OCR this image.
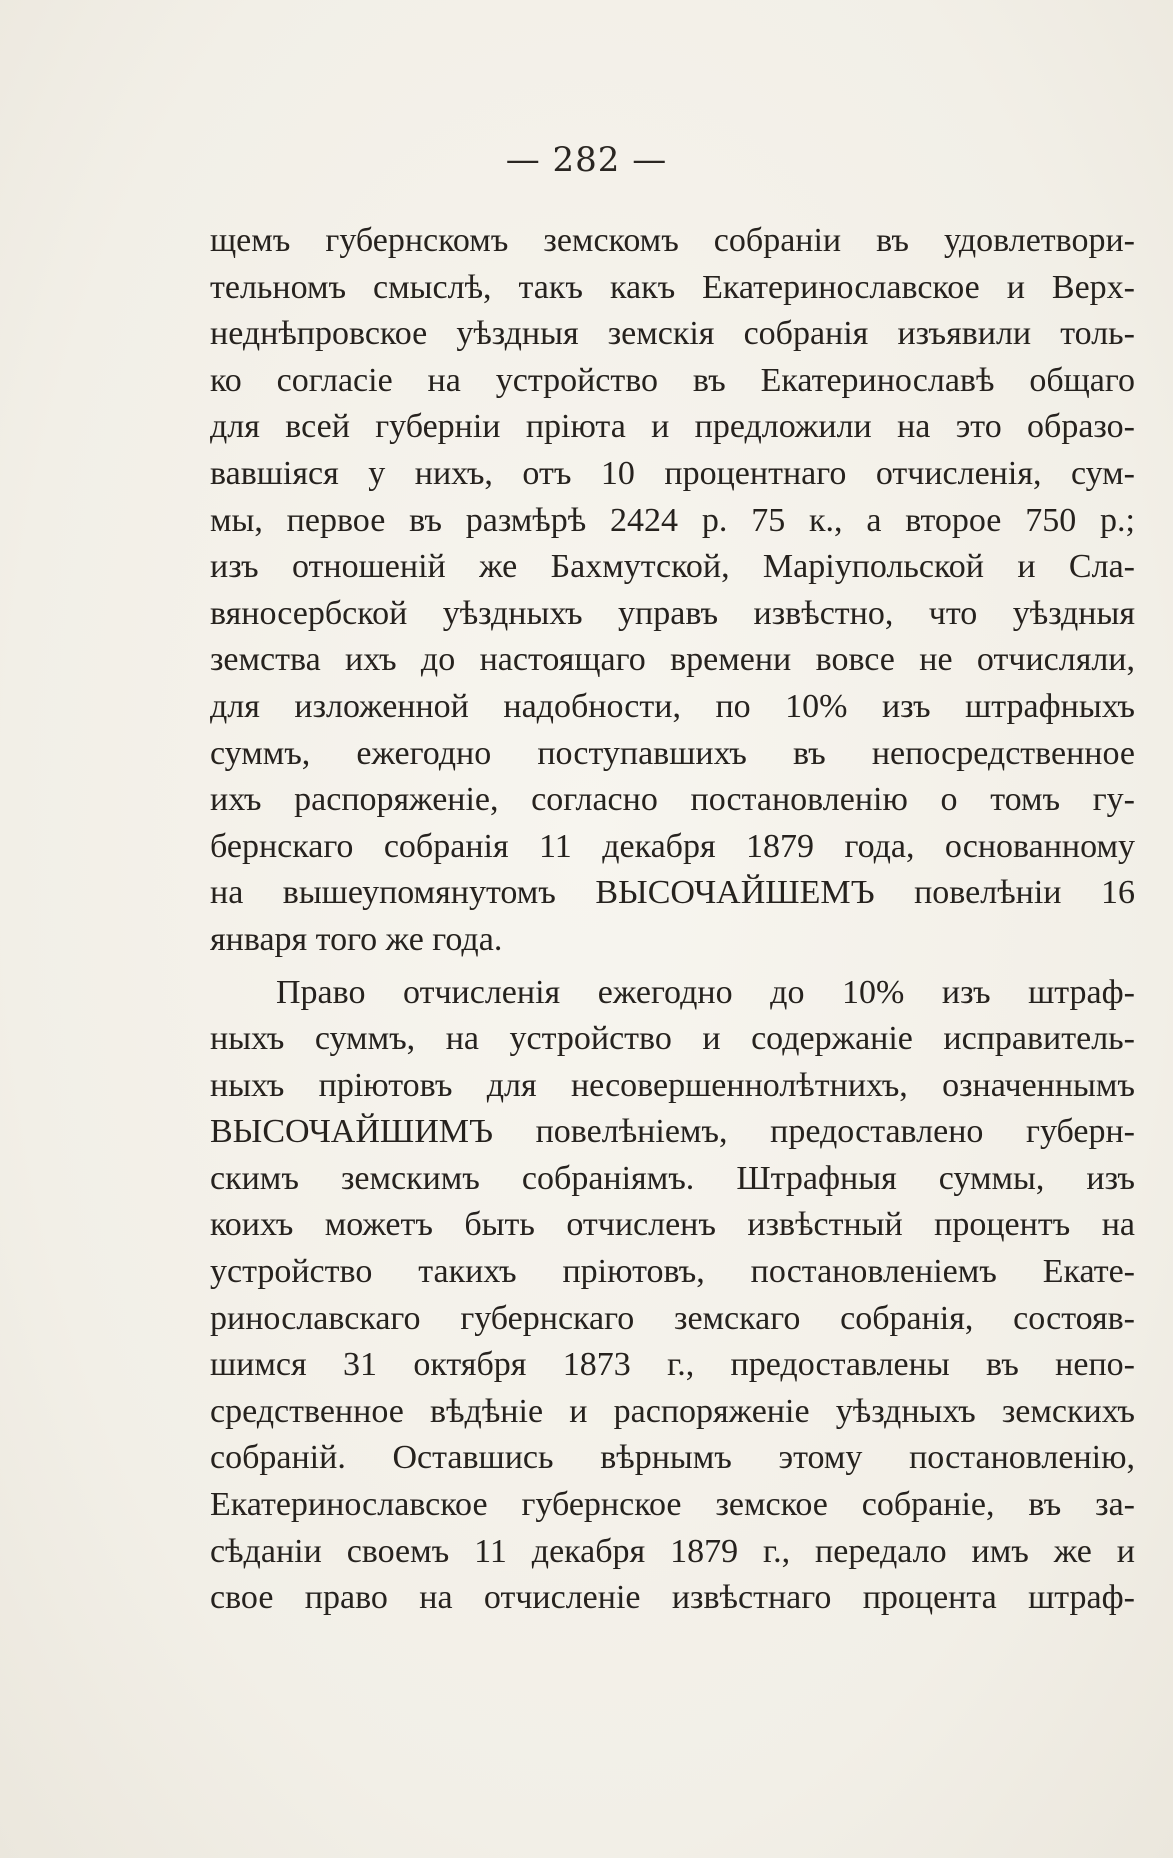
— 282 —
щемъ губернскомъ земскомъ собраніи въ удовлетвори-
тельномъ смыслѣ, такъ какъ Екатеринославское и Верх-
неднѣпровское уѣздныя земскія собранія изъявили толь-
ко согласіе на устройство въ Екатеринославѣ общаго
для всей губерніи пріюта и предложили на это образо-
вавшіяся у нихъ, отъ 10 процентнаго отчисленія, сум-
мы, первое въ размѣрѣ 2424 р. 75 к., а второе 750 р.;
изъ отношеній же Бахмутской, Маріупольской и Сла-
вяносербской уѣздныхъ управъ извѣстно, что уѣздныя
земства ихъ до настоящаго времени вовсе не отчисляли,
для изложенной надобности, по 10% изъ штрафныхъ
суммъ, ежегодно поступавшихъ въ непосредственное
ихъ распоряженіе, согласно постановленію о томъ гу-
бернскаго собранія 11 декабря 1879 года, основанному
на вышеупомянутомъ ВЫСОЧАЙШЕМЪ повелѣніи 16
января того же года.
Право отчисленія ежегодно до 10% изъ штраф-
ныхъ суммъ, на устройство и содержаніе исправитель-
ныхъ пріютовъ для несовершеннолѣтнихъ, означеннымъ
ВЫСОЧАЙШИМЪ повелѣніемъ, предоставлено губерн-
скимъ земскимъ собраніямъ. Штрафныя суммы, изъ
коихъ можетъ быть отчисленъ извѣстный процентъ на
устройство такихъ пріютовъ, постановленіемъ Екате-
ринославскаго губернскаго земскаго собранія, состояв-
шимся 31 октября 1873 г., предоставлены въ непо-
средственное вѣдѣніе и распоряженіе уѣздныхъ земскихъ
собраній. Оставшись вѣрнымъ этому постановленію,
Екатеринославское губернское земское собраніе, въ за-
сѣданіи своемъ 11 декабря 1879 г., передало имъ же и
свое право на отчисленіе извѣстнаго процента штраф-
